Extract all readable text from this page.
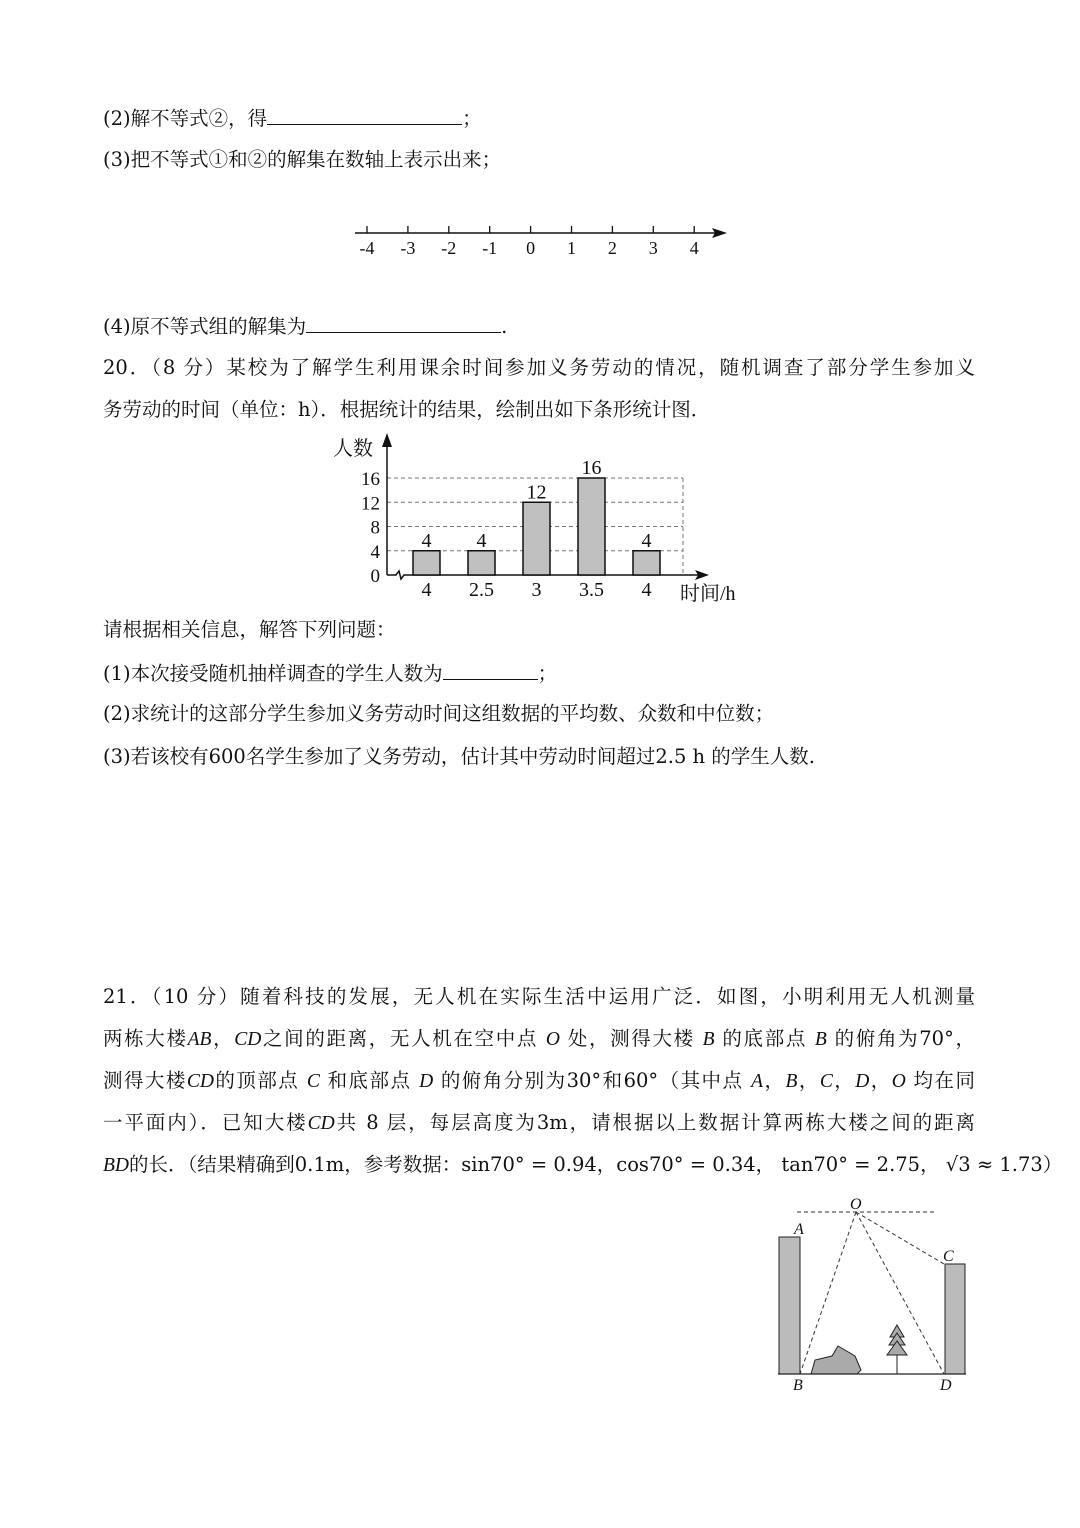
(2)解不等式②，得	；
(3)把不等式①和②的解集在数轴上表示出来；
(4)原不等式组的解集为	.
20．（8 分）某校为了解学生利用课余时间参加义务劳动的情况，随机调查了部分学生参加义
务劳动的时间（单位：h）．根据统计的结果，绘制出如下条形统计图．
请根据相关信息，解答下列问题：
(1)本次接受随机抽样调查的学生人数为	；
(2)求统计的这部分学生参加义务劳动时间这组数据的平均数、众数和中位数；
(3)若该校有600名学生参加了义务劳动，估计其中劳动时间超过2.5 h 的学生人数.
21．（10 分）随着科技的发展，无人机在实际生活中运用广泛．如图，小明利用无人机测量
两栋大楼AB，CD之间的距离，无人机在空中点 O 处，测得大楼 B 的底部点 B 的俯角为70°，
测得大楼CD的顶部点 C 和底部点 D 的俯角分别为30°和60°（其中点 A，B，C，D，O 均在同
一平面内）．已知大楼CD共 8 层，每层高度为3m，请根据以上数据计算两栋大楼之间的距离
BD的长．（结果精确到0.1m，参考数据：sin70° = 0.94，cos70° = 0.34， tan70° = 2.75， √3 ≈ 1.73）
-4 -3 -2 -1 0 1 2 3 4
0
4
8
12
16
4
4
4
2.5
12
3
16
3.5
4
4
人数
时间/h
O
A
B
C
D
